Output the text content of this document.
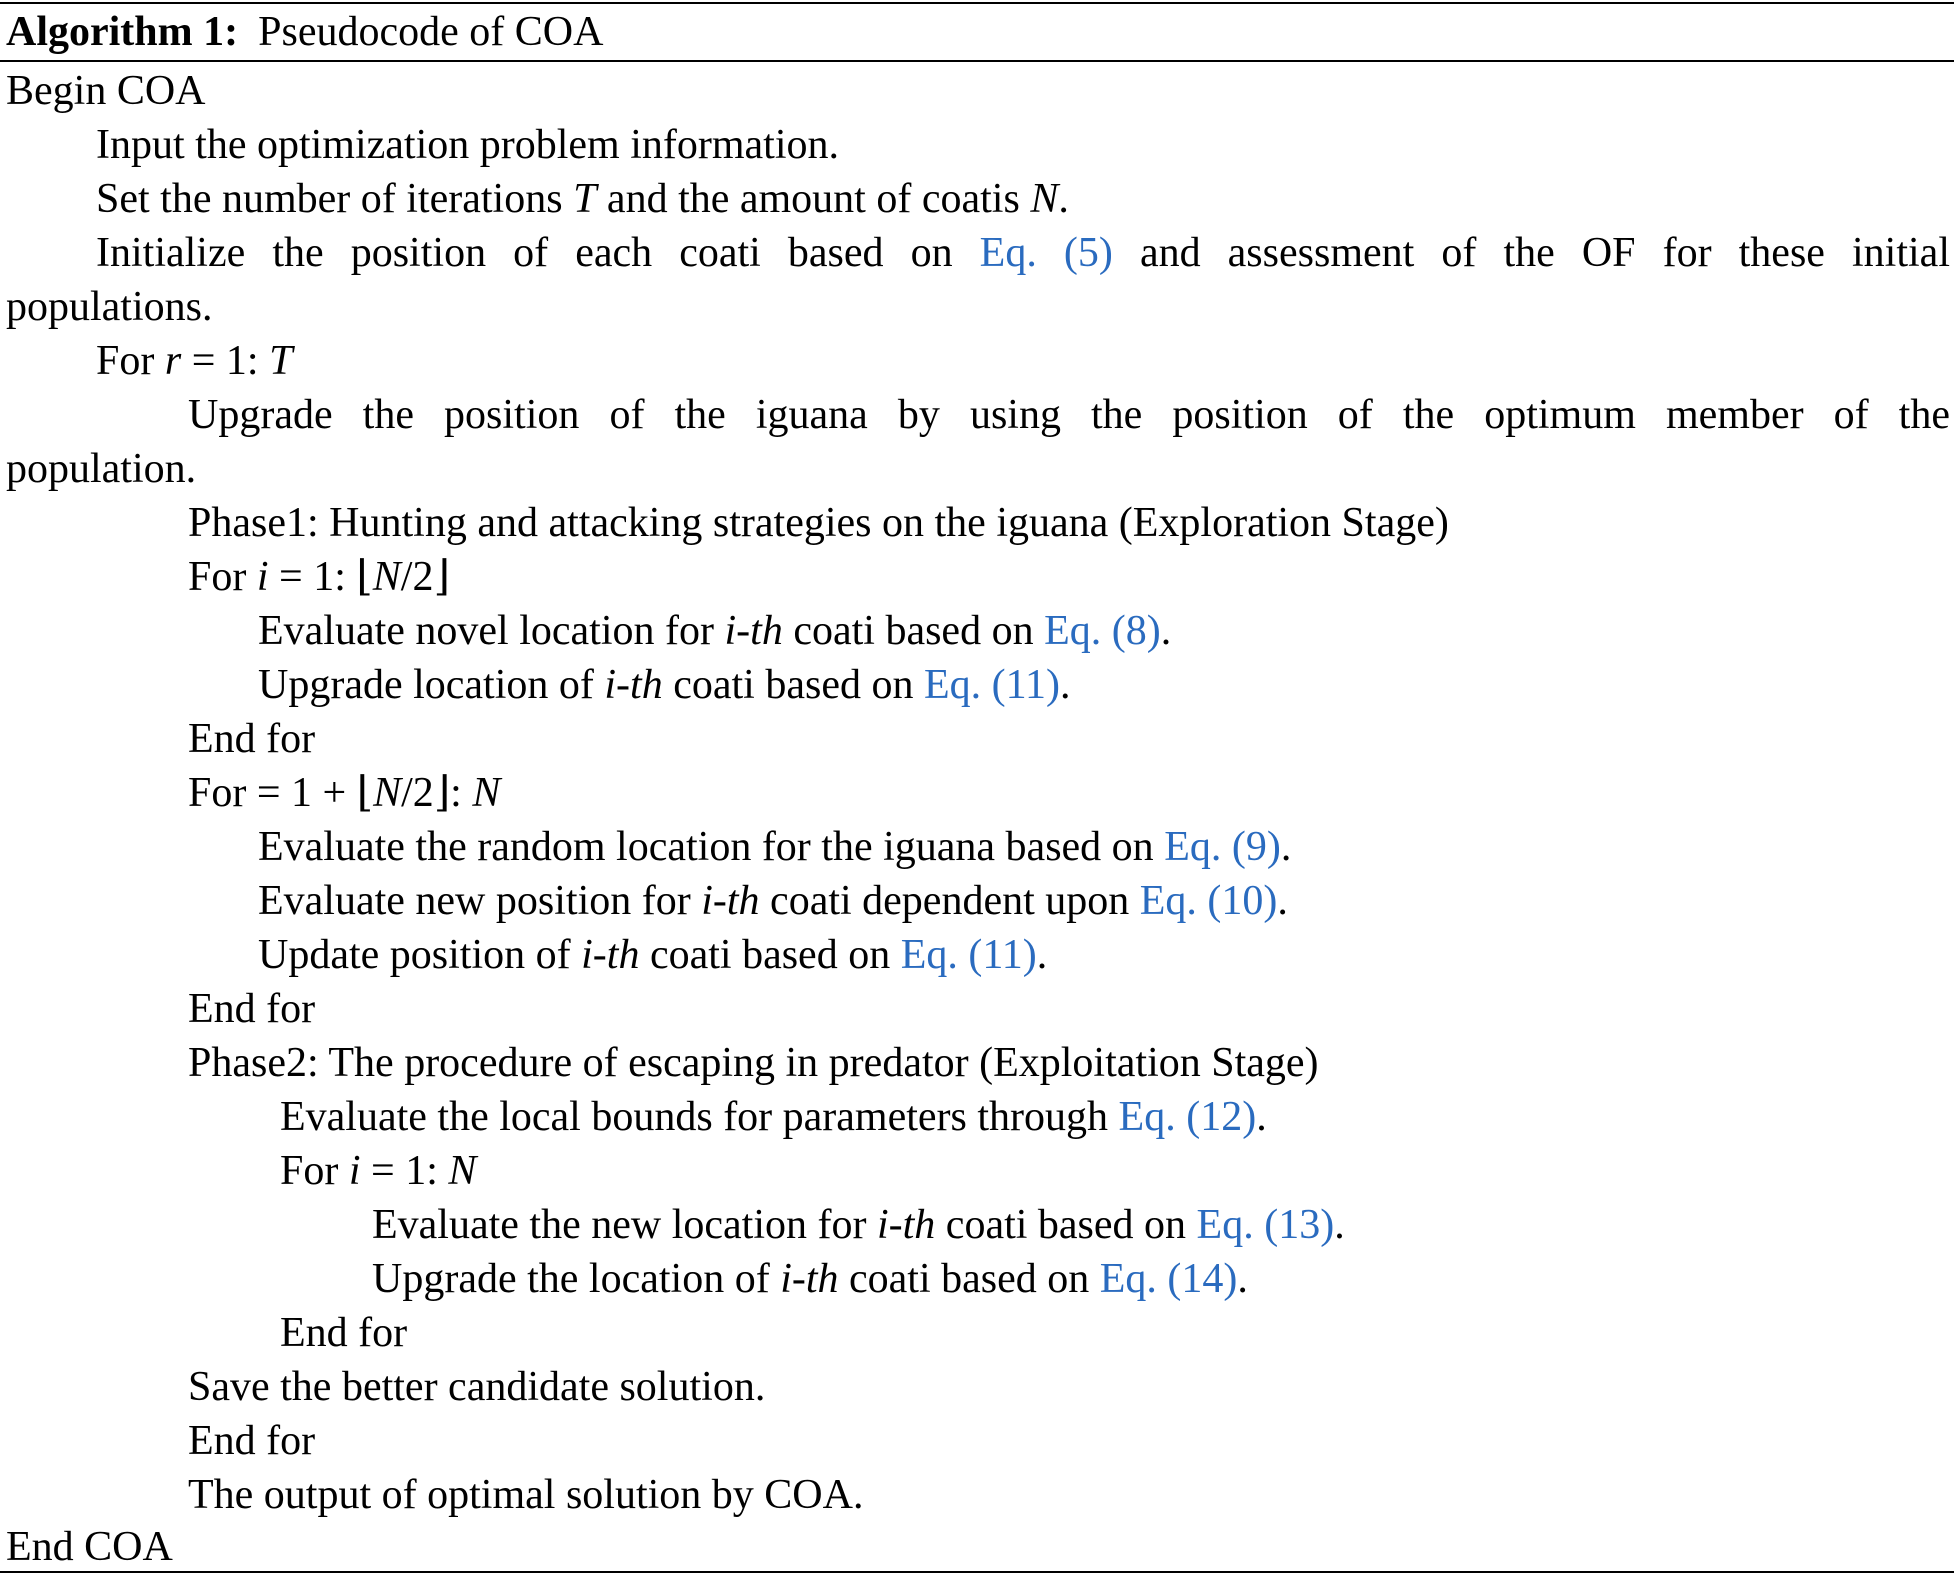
Algorithm 1: Pseudocode of COA
Begin COA
Input the optimization problem information.
Set the number of iterations T and the amount of coatis N.
Initialize the position of each coati based on Eq. (5) and assessment of the OF for these initial
populations.
For r = 1: T
Upgrade the position of the iguana by using the position of the optimum member of the
population.
Phase1: Hunting and attacking strategies on the iguana (Exploration Stage)
For i = 1: ⌊N/2⌋
Evaluate novel location for i-th coati based on Eq. (8).
Upgrade location of i-th coati based on Eq. (11).
End for
For = 1 + ⌊N/2⌋: N
Evaluate the random location for the iguana based on Eq. (9).
Evaluate new position for i-th coati dependent upon Eq. (10).
Update position of i-th coati based on Eq. (11).
End for
Phase2: The procedure of escaping in predator (Exploitation Stage)
Evaluate the local bounds for parameters through Eq. (12).
For i = 1: N
Evaluate the new location for i-th coati based on Eq. (13).
Upgrade the location of i-th coati based on Eq. (14).
End for
Save the better candidate solution.
End for
The output of optimal solution by COA.
End COA
